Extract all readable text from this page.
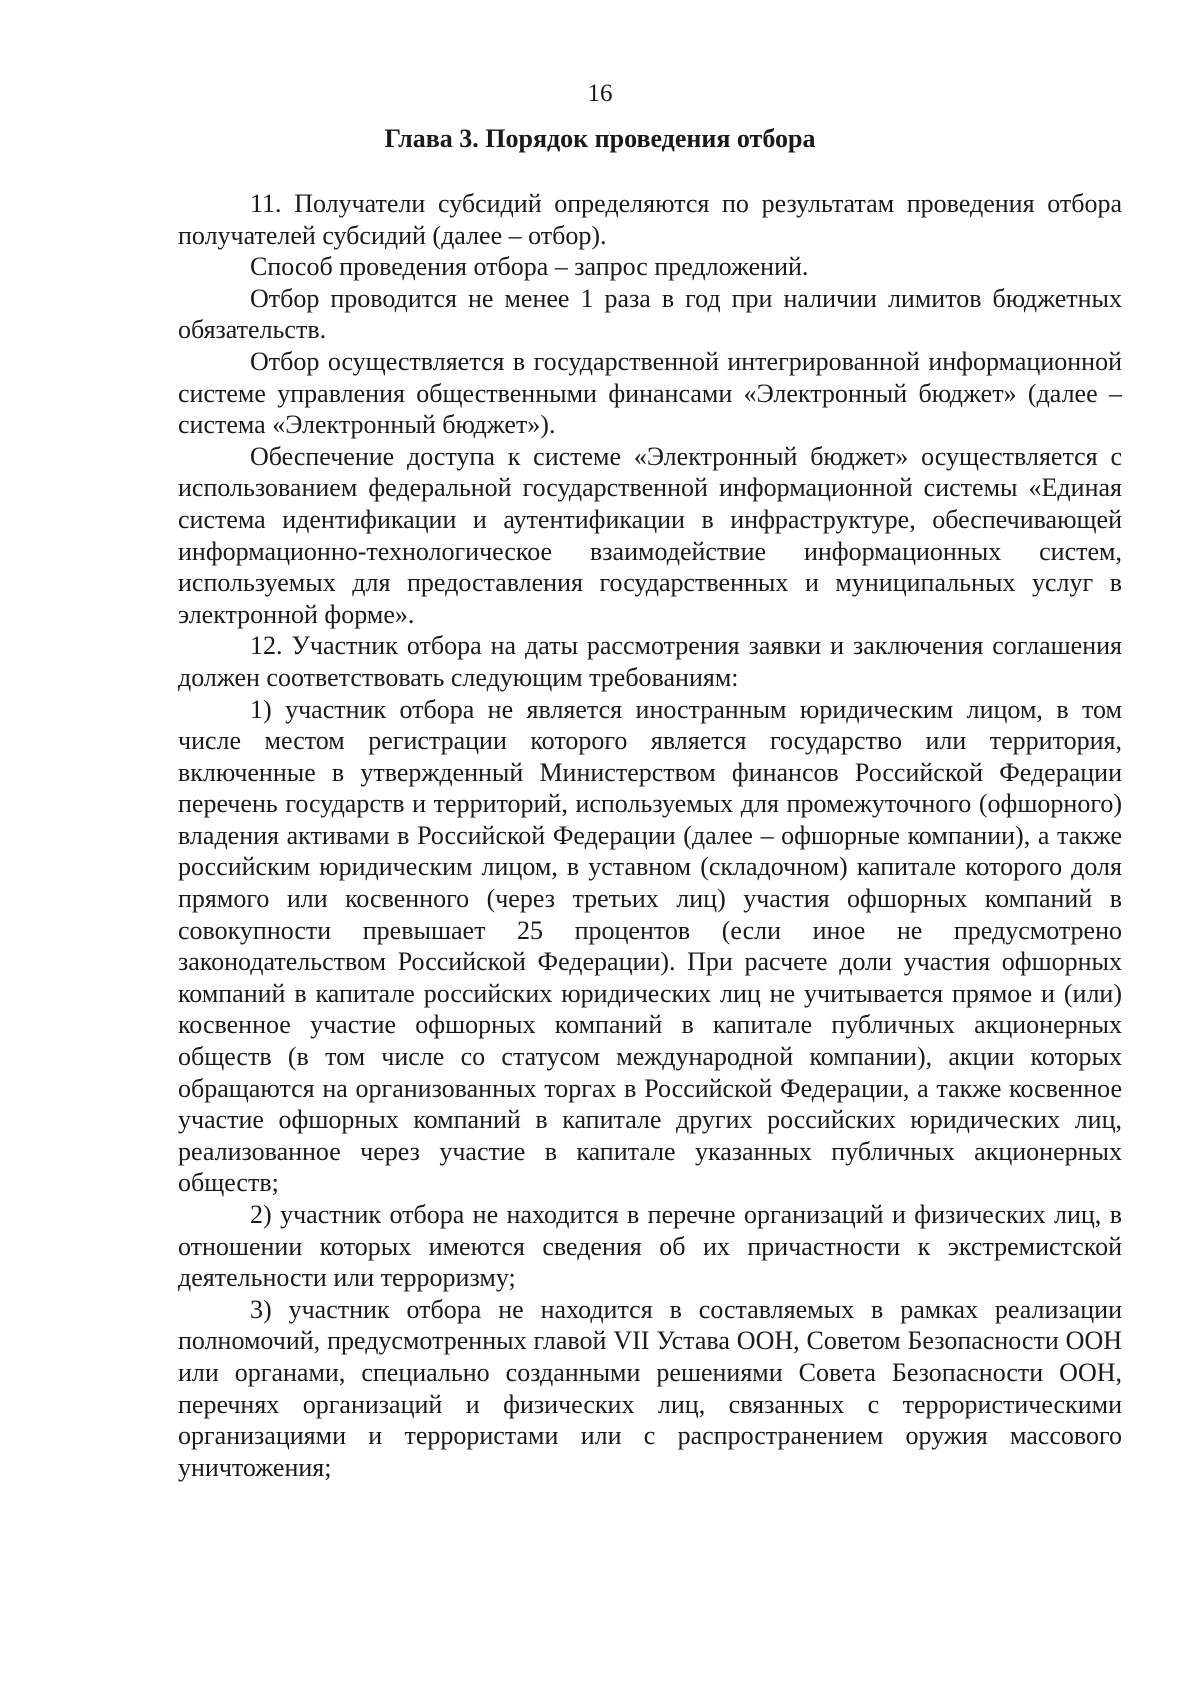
16
Глава 3. Порядок проведения отбора

11. Получатели субсидий определяются по результатам проведения отбора получателей субсидий (далее – отбор).

Способ проведения отбора – запрос предложений.

Отбор проводится не менее 1 раза в год при наличии лимитов бюджетных обязательств.

Отбор осуществляется в государственной интегрированной информационной системе управления общественными финансами «Электронный бюджет» (далее – система «Электронный бюджет»).

Обеспечение доступа к системе «Электронный бюджет» осуществляется с использованием федеральной государственной информационной системы «Единая система идентификации и аутентификации в инфраструктуре, обеспечивающей информационно-технологическое взаимодействие информационных систем, используемых для предоставления государственных и муниципальных услуг в электронной форме».

12. Участник отбора на даты рассмотрения заявки и заключения соглашения должен соответствовать следующим требованиям:

1) участник отбора не является иностранным юридическим лицом, в том числе местом регистрации которого является государство или территория, включенные в утвержденный Министерством финансов Российской Федерации перечень государств и территорий, используемых для промежуточного (офшорного) владения активами в Российской Федерации (далее – офшорные компании), а также российским юридическим лицом, в уставном (складочном) капитале которого доля прямого или косвенного (через третьих лиц) участия офшорных компаний в совокупности превышает 25 процентов (если иное не предусмотрено законодательством Российской Федерации). При расчете доли участия офшорных компаний в капитале российских юридических лиц не учитывается прямое и (или) косвенное участие офшорных компаний в капитале публичных акционерных обществ (в том числе со статусом международной компании), акции которых обращаются на организованных торгах в Российской Федерации, а также косвенное участие офшорных компаний в капитале других российских юридических лиц, реализованное через участие в капитале указанных публичных акционерных обществ;

2) участник отбора не находится в перечне организаций и физических лиц, в отношении которых имеются сведения об их причастности к экстремистской деятельности или терроризму;

3) участник отбора не находится в составляемых в рамках реализации полномочий, предусмотренных главой VII Устава ООН, Советом Безопасности ООН или органами, специально созданными решениями Совета Безопасности ООН, перечнях организаций и физических лиц, связанных с террористическими организациями и террористами или с распространением оружия массового уничтожения;
